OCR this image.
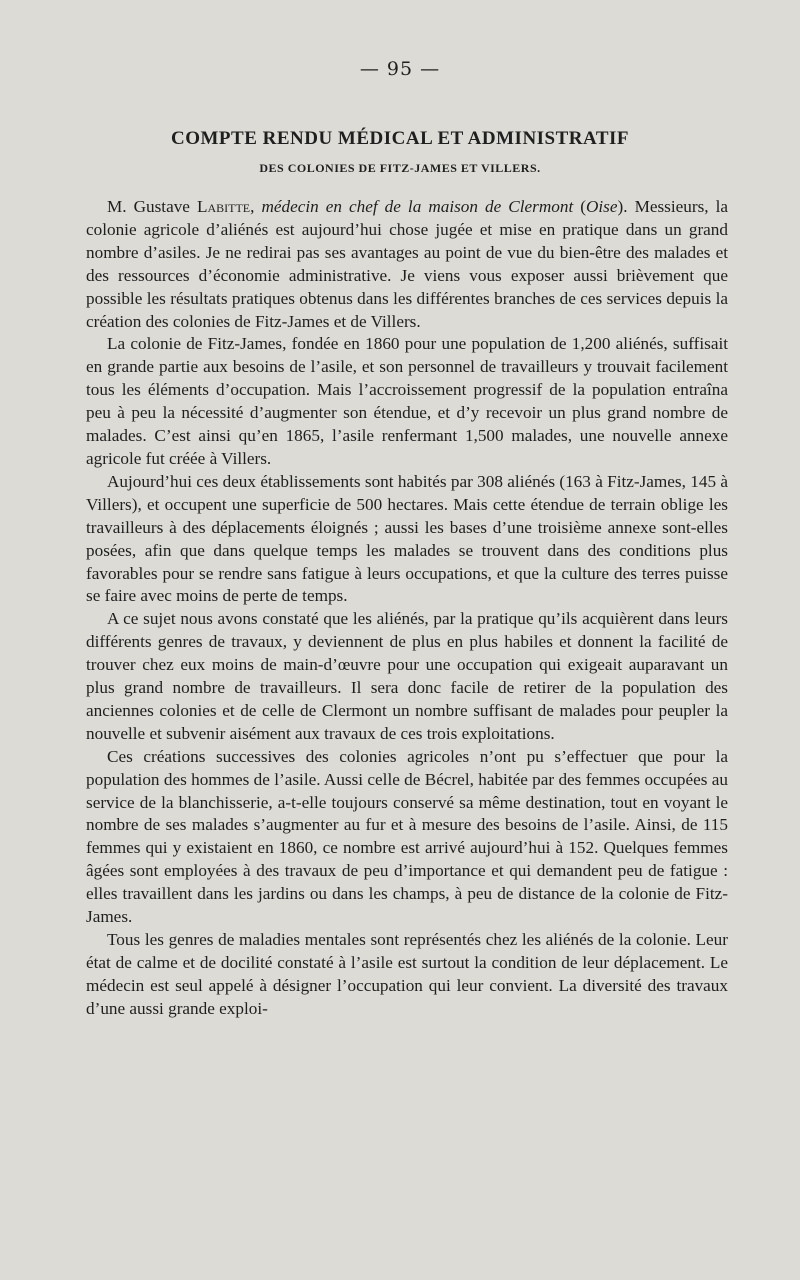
— 95 —
COMPTE RENDU MÉDICAL ET ADMINISTRATIF
DES COLONIES DE FITZ-JAMES ET VILLERS.

M. Gustave Labitte, médecin en chef de la maison de Clermont (Oise). Messieurs, la colonie agricole d’aliénés est aujourd’hui chose jugée et mise en pratique dans un grand nombre d’asiles. Je ne redirai pas ses avantages au point de vue du bien-être des malades et des ressources d’économie administrative. Je viens vous exposer aussi brièvement que possible les résultats pratiques obtenus dans les différentes branches de ces services depuis la création des colonies de Fitz-James et de Villers.

La colonie de Fitz-James, fondée en 1860 pour une population de 1,200 aliénés, suffisait en grande partie aux besoins de l’asile, et son personnel de travailleurs y trouvait facilement tous les éléments d’occupation. Mais l’accroissement progressif de la population entraîna peu à peu la nécessité d’augmenter son étendue, et d’y recevoir un plus grand nombre de malades. C’est ainsi qu’en 1865, l’asile renfermant 1,500 malades, une nouvelle annexe agricole fut créée à Villers.

Aujourd’hui ces deux établissements sont habités par 308 aliénés (163 à Fitz-James, 145 à Villers), et occupent une superficie de 500 hectares. Mais cette étendue de terrain oblige les travailleurs à des déplacements éloignés ; aussi les bases d’une troisième annexe sont-elles posées, afin que dans quelque temps les malades se trouvent dans des conditions plus favorables pour se rendre sans fatigue à leurs occupations, et que la culture des terres puisse se faire avec moins de perte de temps.

A ce sujet nous avons constaté que les aliénés, par la pratique qu’ils acquièrent dans leurs différents genres de travaux, y deviennent de plus en plus habiles et donnent la facilité de trouver chez eux moins de main-d’œuvre pour une occupation qui exigeait auparavant un plus grand nombre de travailleurs. Il sera donc facile de retirer de la population des anciennes colonies et de celle de Clermont un nombre suffisant de malades pour peupler la nouvelle et subvenir aisément aux travaux de ces trois exploitations.

Ces créations successives des colonies agricoles n’ont pu s’effectuer que pour la population des hommes de l’asile. Aussi celle de Bécrel, habitée par des femmes occupées au service de la blanchisserie, a-t-elle toujours conservé sa même destination, tout en voyant le nombre de ses malades s’augmenter au fur et à mesure des besoins de l’asile. Ainsi, de 115 femmes qui y existaient en 1860, ce nombre est arrivé aujourd’hui à 152. Quelques femmes âgées sont employées à des travaux de peu d’importance et qui demandent peu de fatigue : elles travaillent dans les jardins ou dans les champs, à peu de distance de la colonie de Fitz-James.

Tous les genres de maladies mentales sont représentés chez les aliénés de la colonie. Leur état de calme et de docilité constaté à l’asile est surtout la condition de leur déplacement. Le médecin est seul appelé à désigner l’occupation qui leur convient. La diversité des travaux d’une aussi grande exploi-
